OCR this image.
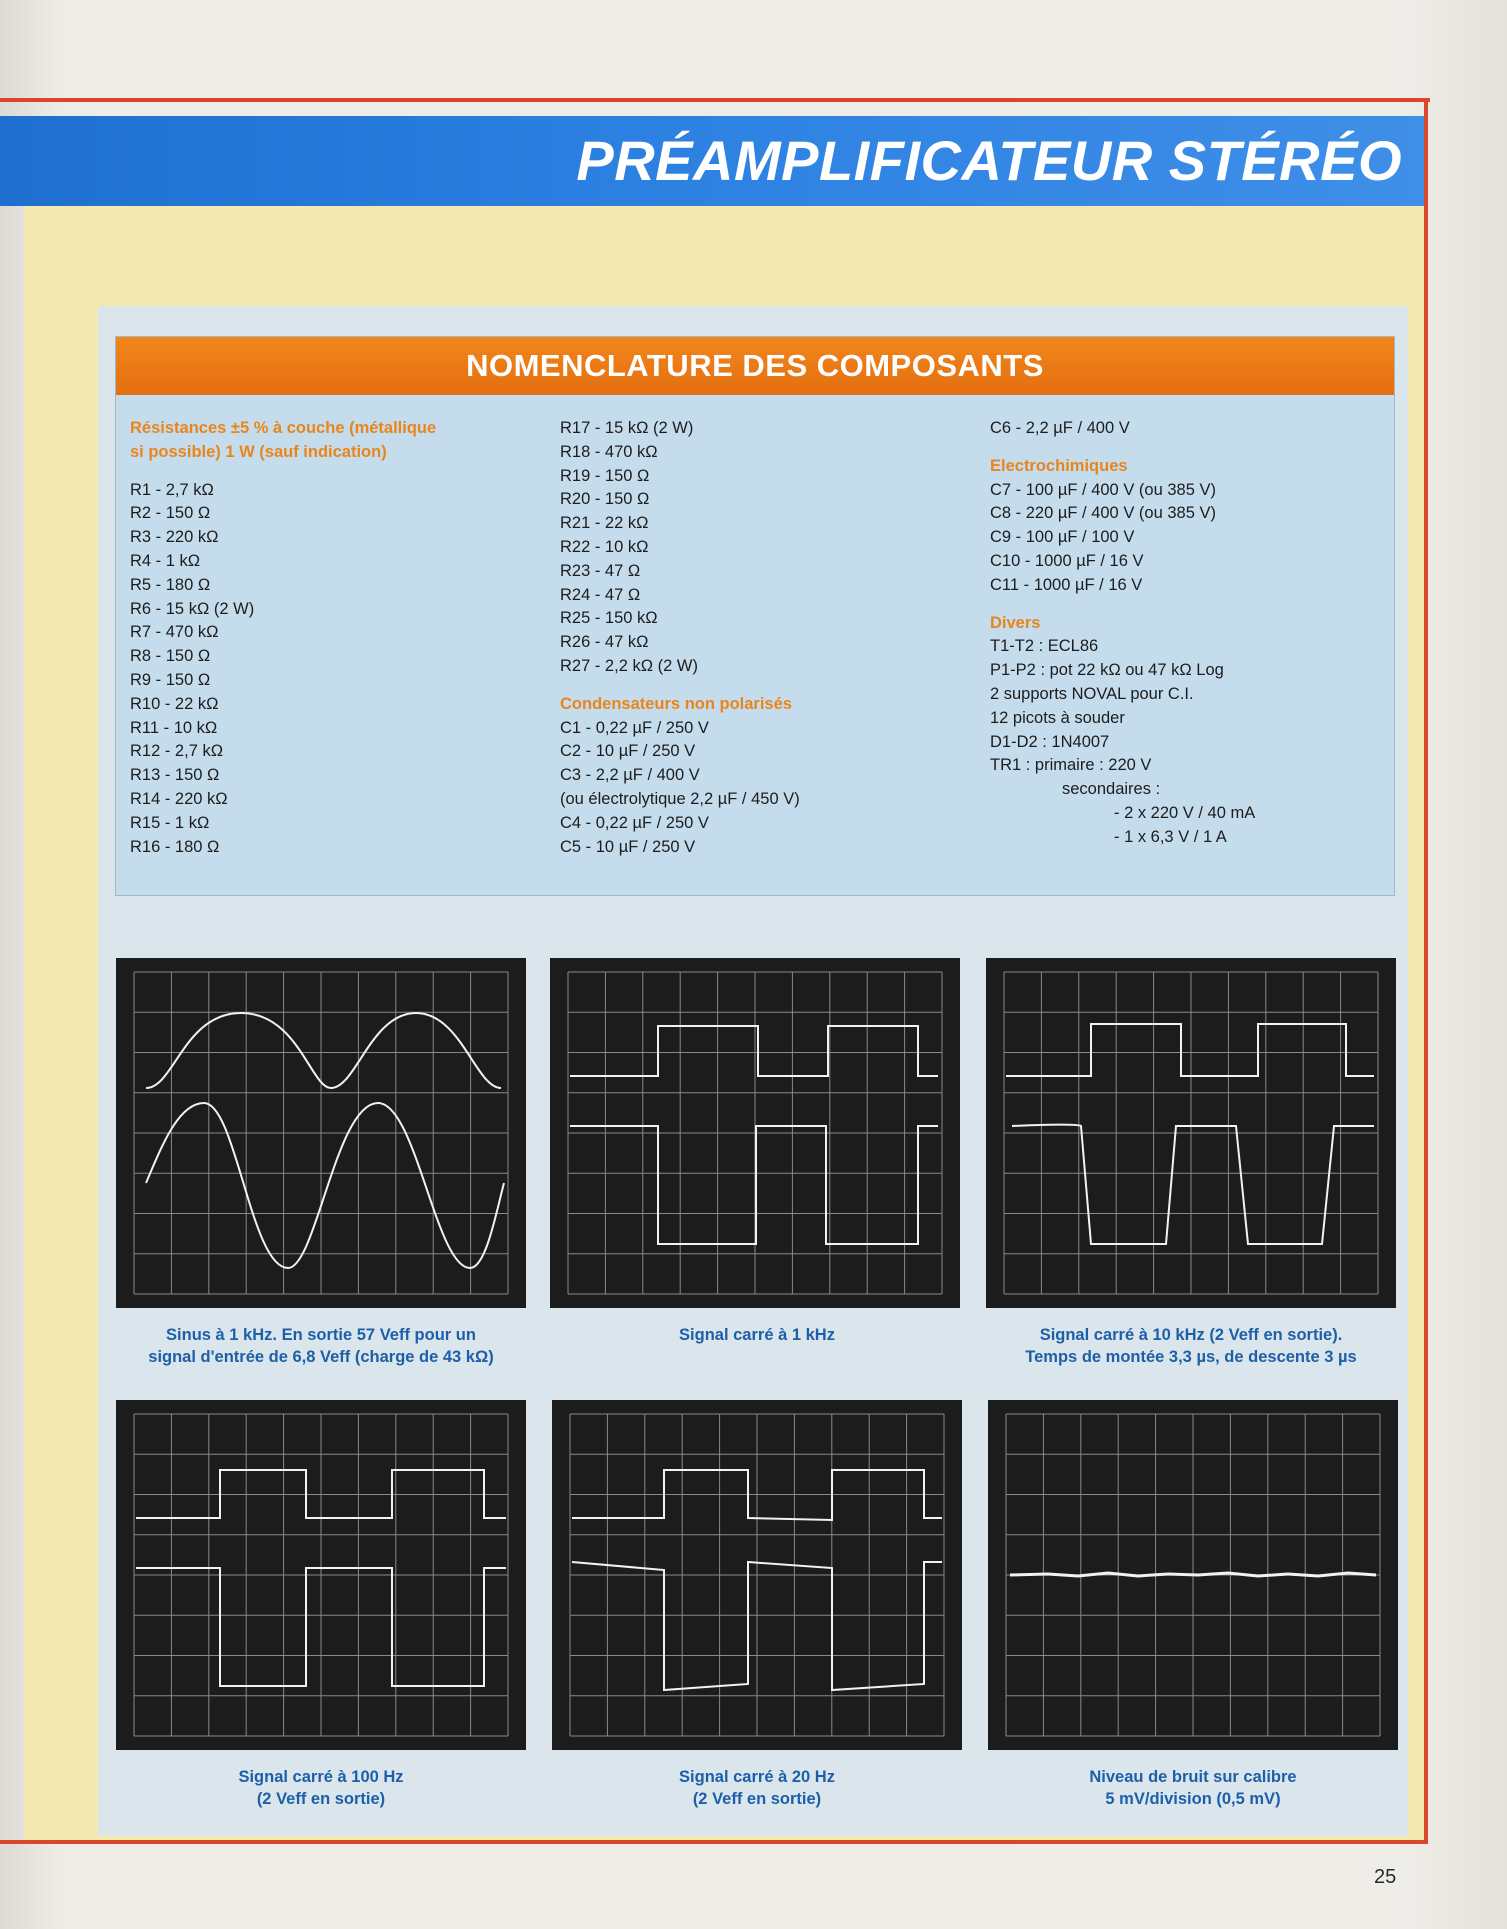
PRÉAMPLIFICATEUR STÉRÉO
NOMENCLATURE DES COMPOSANTS
Résistances ±5 % à couche (métallique
si possible) 1 W (sauf indication)
R1 - 2,7 kΩ
R2 - 150 Ω
R3 - 220 kΩ
R4 - 1 kΩ
R5 - 180 Ω
R6 - 15 kΩ (2 W)
R7 - 470 kΩ
R8 - 150 Ω
R9 - 150 Ω
R10 - 22 kΩ
R11 - 10 kΩ
R12 - 2,7 kΩ
R13 - 150 Ω
R14 - 220 kΩ
R15 - 1 kΩ
R16 - 180 Ω
R17 - 15 kΩ (2 W)
R18 - 470 kΩ
R19 - 150 Ω
R20 - 150 Ω
R21 - 22 kΩ
R22 - 10 kΩ
R23 - 47 Ω
R24 - 47 Ω
R25 - 150 kΩ
R26 - 47 kΩ
R27 - 2,2 kΩ (2 W)
Condensateurs non polarisés
C1 - 0,22 µF / 250 V
C2 - 10 µF / 250 V
C3 - 2,2 µF / 400 V
(ou électrolytique 2,2 µF / 450 V)
C4 - 0,22 µF / 250 V
C5 - 10 µF / 250 V
C6 - 2,2 µF / 400 V
Electrochimiques
C7 - 100 µF / 400 V (ou 385 V)
C8 - 220 µF / 400 V (ou 385 V)
C9 - 100 µF / 100 V
C10 - 1000 µF / 16 V
C11 - 1000 µF / 16 V
Divers
T1-T2 : ECL86
P1-P2 : pot 22 kΩ ou 47 kΩ Log
2 supports NOVAL pour C.I.
12 picots à souder
D1-D2 : 1N4007
TR1 : primaire : 220 V
secondaires :
- 2 x 220 V / 40 mA
- 1 x 6,3 V / 1 A
Sinus à 1 kHz. En sortie 57 Veff pour un
signal d'entrée de 6,8 Veff (charge de 43 kΩ)
Signal carré à 1 kHz	Signal carré à 10 kHz (2 Veff en sortie).
Temps de montée 3,3 µs, de descente 3 µs
Signal carré à 100 Hz
(2 Veff en sortie)
Signal carré à 20 Hz
(2 Veff en sortie)
Niveau de bruit sur calibre
5 mV/division (0,5 mV)
25
